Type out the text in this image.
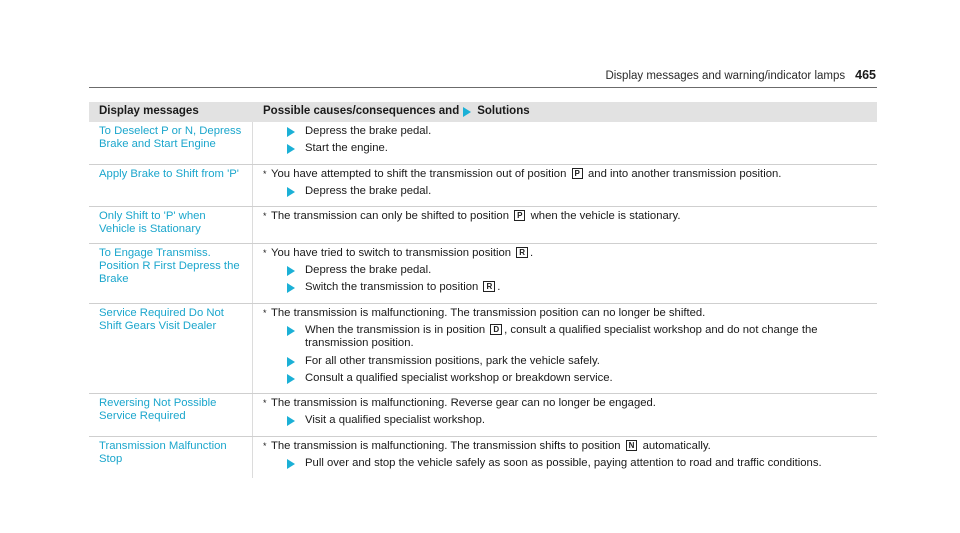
Display messages and warning/indicator lamps 465
Display messages	Possible causes/consequences and Solutions
To Deselect P or N, Depress Brake and Start Engine
Depress the brake pedal.
Start the engine.
Apply Brake to Shift from 'P'	* You have attempted to shift the transmission out of position P and into another transmission position.
Depress the brake pedal.
Only Shift to 'P' when Vehicle is Stationary
* The transmission can only be shifted to position P when the vehicle is stationary.
To Engage Transmiss. Position R First Depress the Brake
* You have tried to switch to transmission position R .
Depress the brake pedal.
Switch the transmission to position R .
Service Required Do Not Shift Gears Visit Dealer
* The transmission is malfunctioning. The transmission position can no longer be shifted.
When the transmission is in position D , consult a qualified specialist workshop and do not change the transmission position.
For all other transmission positions, park the vehicle safely.
Consult a qualified specialist workshop or breakdown service.
Reversing Not Possible Service Required
* The transmission is malfunctioning. Reverse gear can no longer be engaged.
Visit a qualified specialist workshop.
Transmission Malfunction Stop
* The transmission is malfunctioning. The transmission shifts to position N automatically.
Pull over and stop the vehicle safely as soon as possible, paying attention to road and traffic conditions.
